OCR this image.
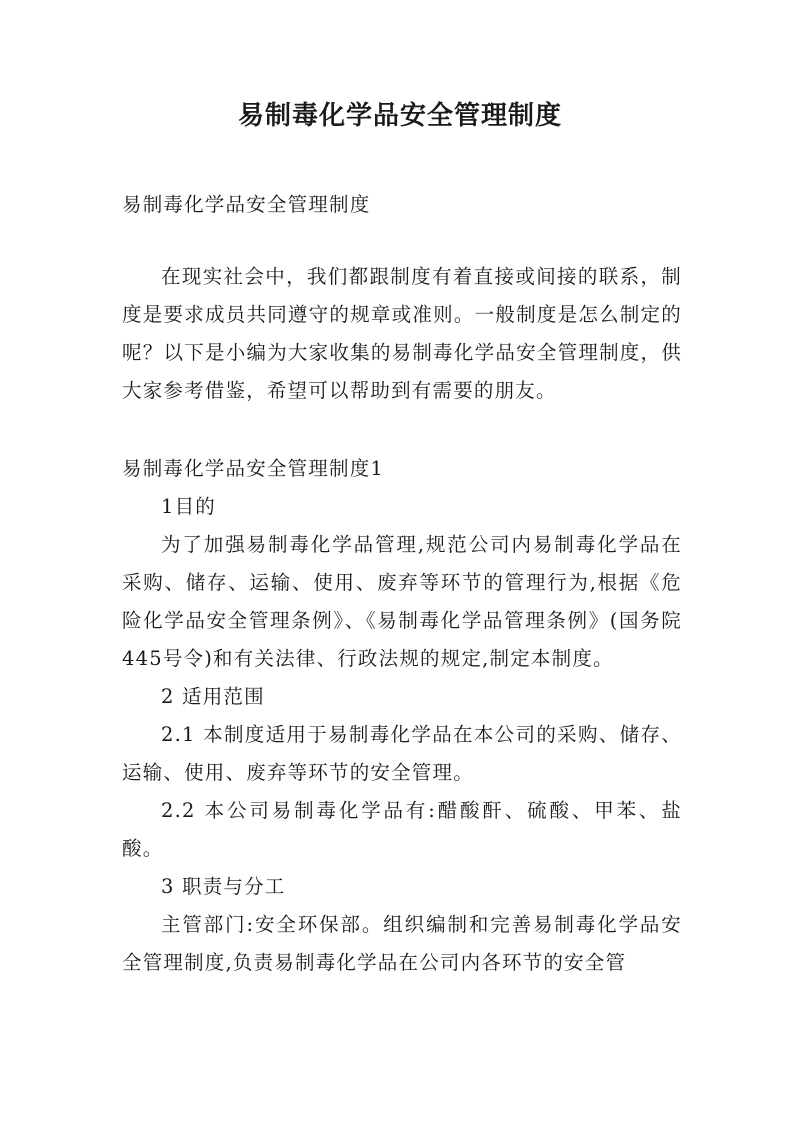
易制毒化学品安全管理制度
易制毒化学品安全管理制度
在现实社会中，我们都跟制度有着直接或间接的联系，制度是要求成员共同遵守的规章或准则。一般制度是怎么制定的呢？以下是小编为大家收集的易制毒化学品安全管理制度，供大家参考借鉴，希望可以帮助到有需要的朋友。

易制毒化学品安全管理制度1

1目的

为了加强易制毒化学品管理,规范公司内易制毒化学品在采购、储存、运输、使用、废弃等环节的管理行为,根据《危险化学品安全管理条例》、《易制毒化学品管理条例》(国务院445号令)和有关法律、行政法规的规定,制定本制度。

2 适用范围

2.1 本制度适用于易制毒化学品在本公司的采购、储存、运输、使用、废弃等环节的安全管理。

2.2 本公司易制毒化学品有:醋酸酐、硫酸、甲苯、盐酸。

3 职责与分工

主管部门:安全环保部。组织编制和完善易制毒化学品安全管理制度,负责易制毒化学品在公司内各环节的安全管
